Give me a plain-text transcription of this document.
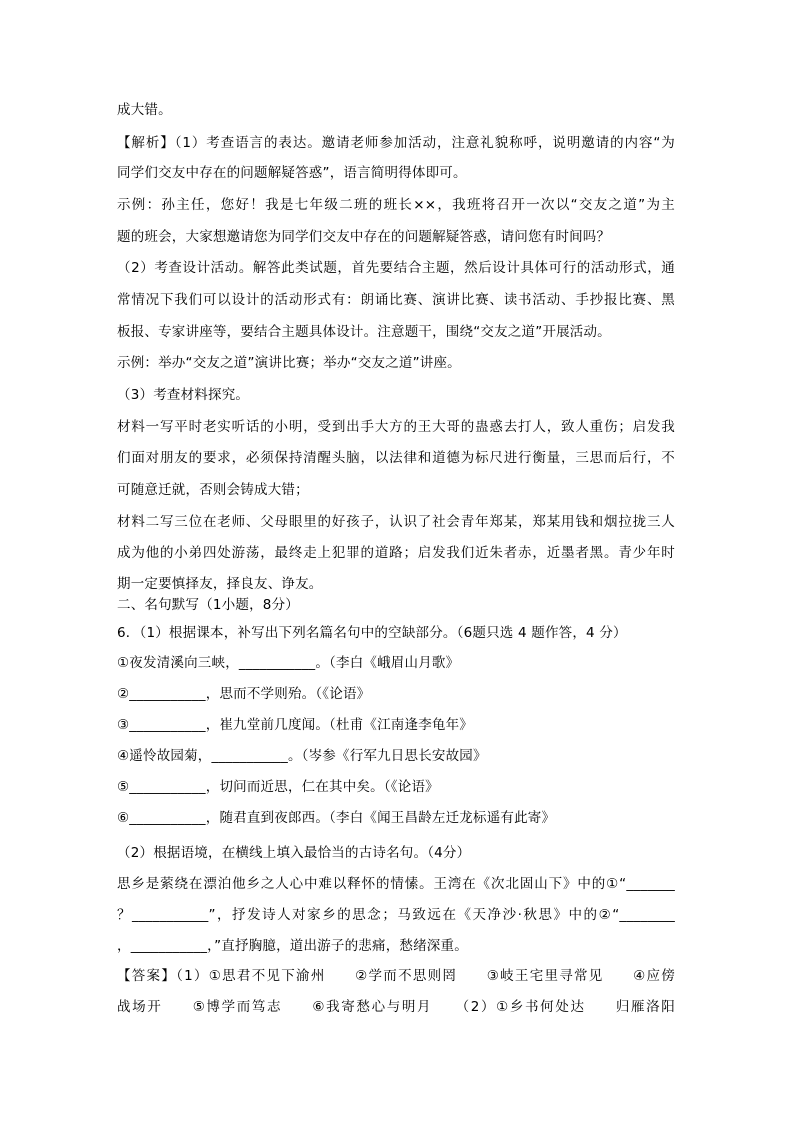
成大错。
【解析】（1）考查语言的表达。邀请老师参加活动，注意礼貌称呼，说明邀请的内容“为
同学们交友中存在的问题解疑答惑”，语言简明得体即可。
示例：孙主任，您好！我是七年级二班的班长××，我班将召开一次以“交友之道”为主
题的班会，大家想邀请您为同学们交友中存在的问题解疑答惑，请问您有时间吗？
（2）考查设计活动。解答此类试题，首先要结合主题，然后设计具体可行的活动形式，通
常情况下我们可以设计的活动形式有：朗诵比赛、演讲比赛、读书活动、手抄报比赛、黑
板报、专家讲座等，要结合主题具体设计。注意题干，围绕“交友之道”开展活动。
示例：举办“交友之道”演讲比赛；举办“交友之道”讲座。
（3）考查材料探究。
材料一写平时老实听话的小明，受到出手大方的王大哥的蛊惑去打人，致人重伤；启发我
们面对朋友的要求，必须保持清醒头脑，以法律和道德为标尺进行衡量，三思而后行，不
可随意迁就，否则会铸成大错；
材料二写三位在老师、父母眼里的好孩子，认识了社会青年郑某，郑某用钱和烟拉拢三人
成为他的小弟四处游荡，最终走上犯罪的道路；启发我们近朱者赤，近墨者黑。青少年时
期一定要慎择友，择良友、诤友。
二、名句默写（1小题，8分）
6．（1）根据课本，补写出下列名篇名句中的空缺部分。（6题只选 4 题作答，4 分）
①夜发清溪向三峡，___________。（李白《峨眉山月歌》
②___________，思而不学则殆。（《论语》
③___________，崔九堂前几度闻。（杜甫《江南逢李龟年》
④遥怜故园菊，___________。（岑参《行军九日思长安故园》
⑤___________，切问而近思，仁在其中矣。（《论语》
⑥___________，随君直到夜郎西。（李白《闻王昌龄左迁龙标遥有此寄》
（2）根据语境，在横线上填入最恰当的古诗名句。（4分）
思乡是萦绕在漂泊他乡之人心中难以释怀的情愫。王湾在《次北固山下》中的①“_______
？___________”，抒发诗人对家乡的思念；马致远在《天净沙·秋思》中的②“________
，___________，”直抒胸臆，道出游子的悲痛，愁绪深重。
【答案】（1）①思君不见下渝州　　②学而不思则罔　　③岐王宅里寻常见　　④应傍
战场开　　⑤博学而笃志　　⑥我寄愁心与明月　　（2）①乡书何处达　　归雁洛阳
